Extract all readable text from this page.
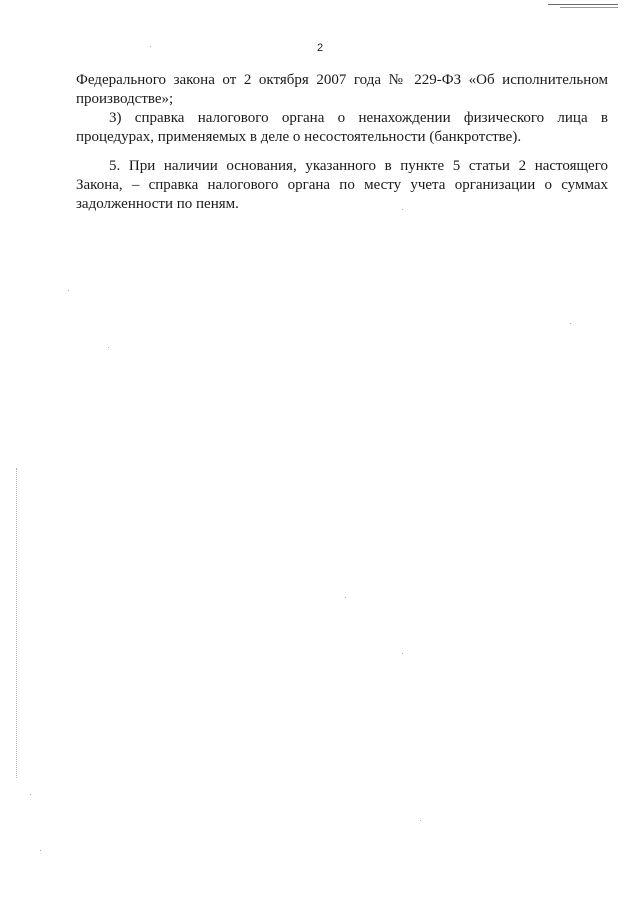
2

Федерального закона от 2 октября 2007 года № 229-ФЗ «Об исполнительном производстве»;

3) справка налогового органа о ненахождении физического лица в процедурах, применяемых в деле о несостоятельности (банкротстве).

5. При наличии основания, указанного в пункте 5 статьи 2 настоящего Закона, – справка налогового органа по месту учета организации о суммах задолженности по пеням.
